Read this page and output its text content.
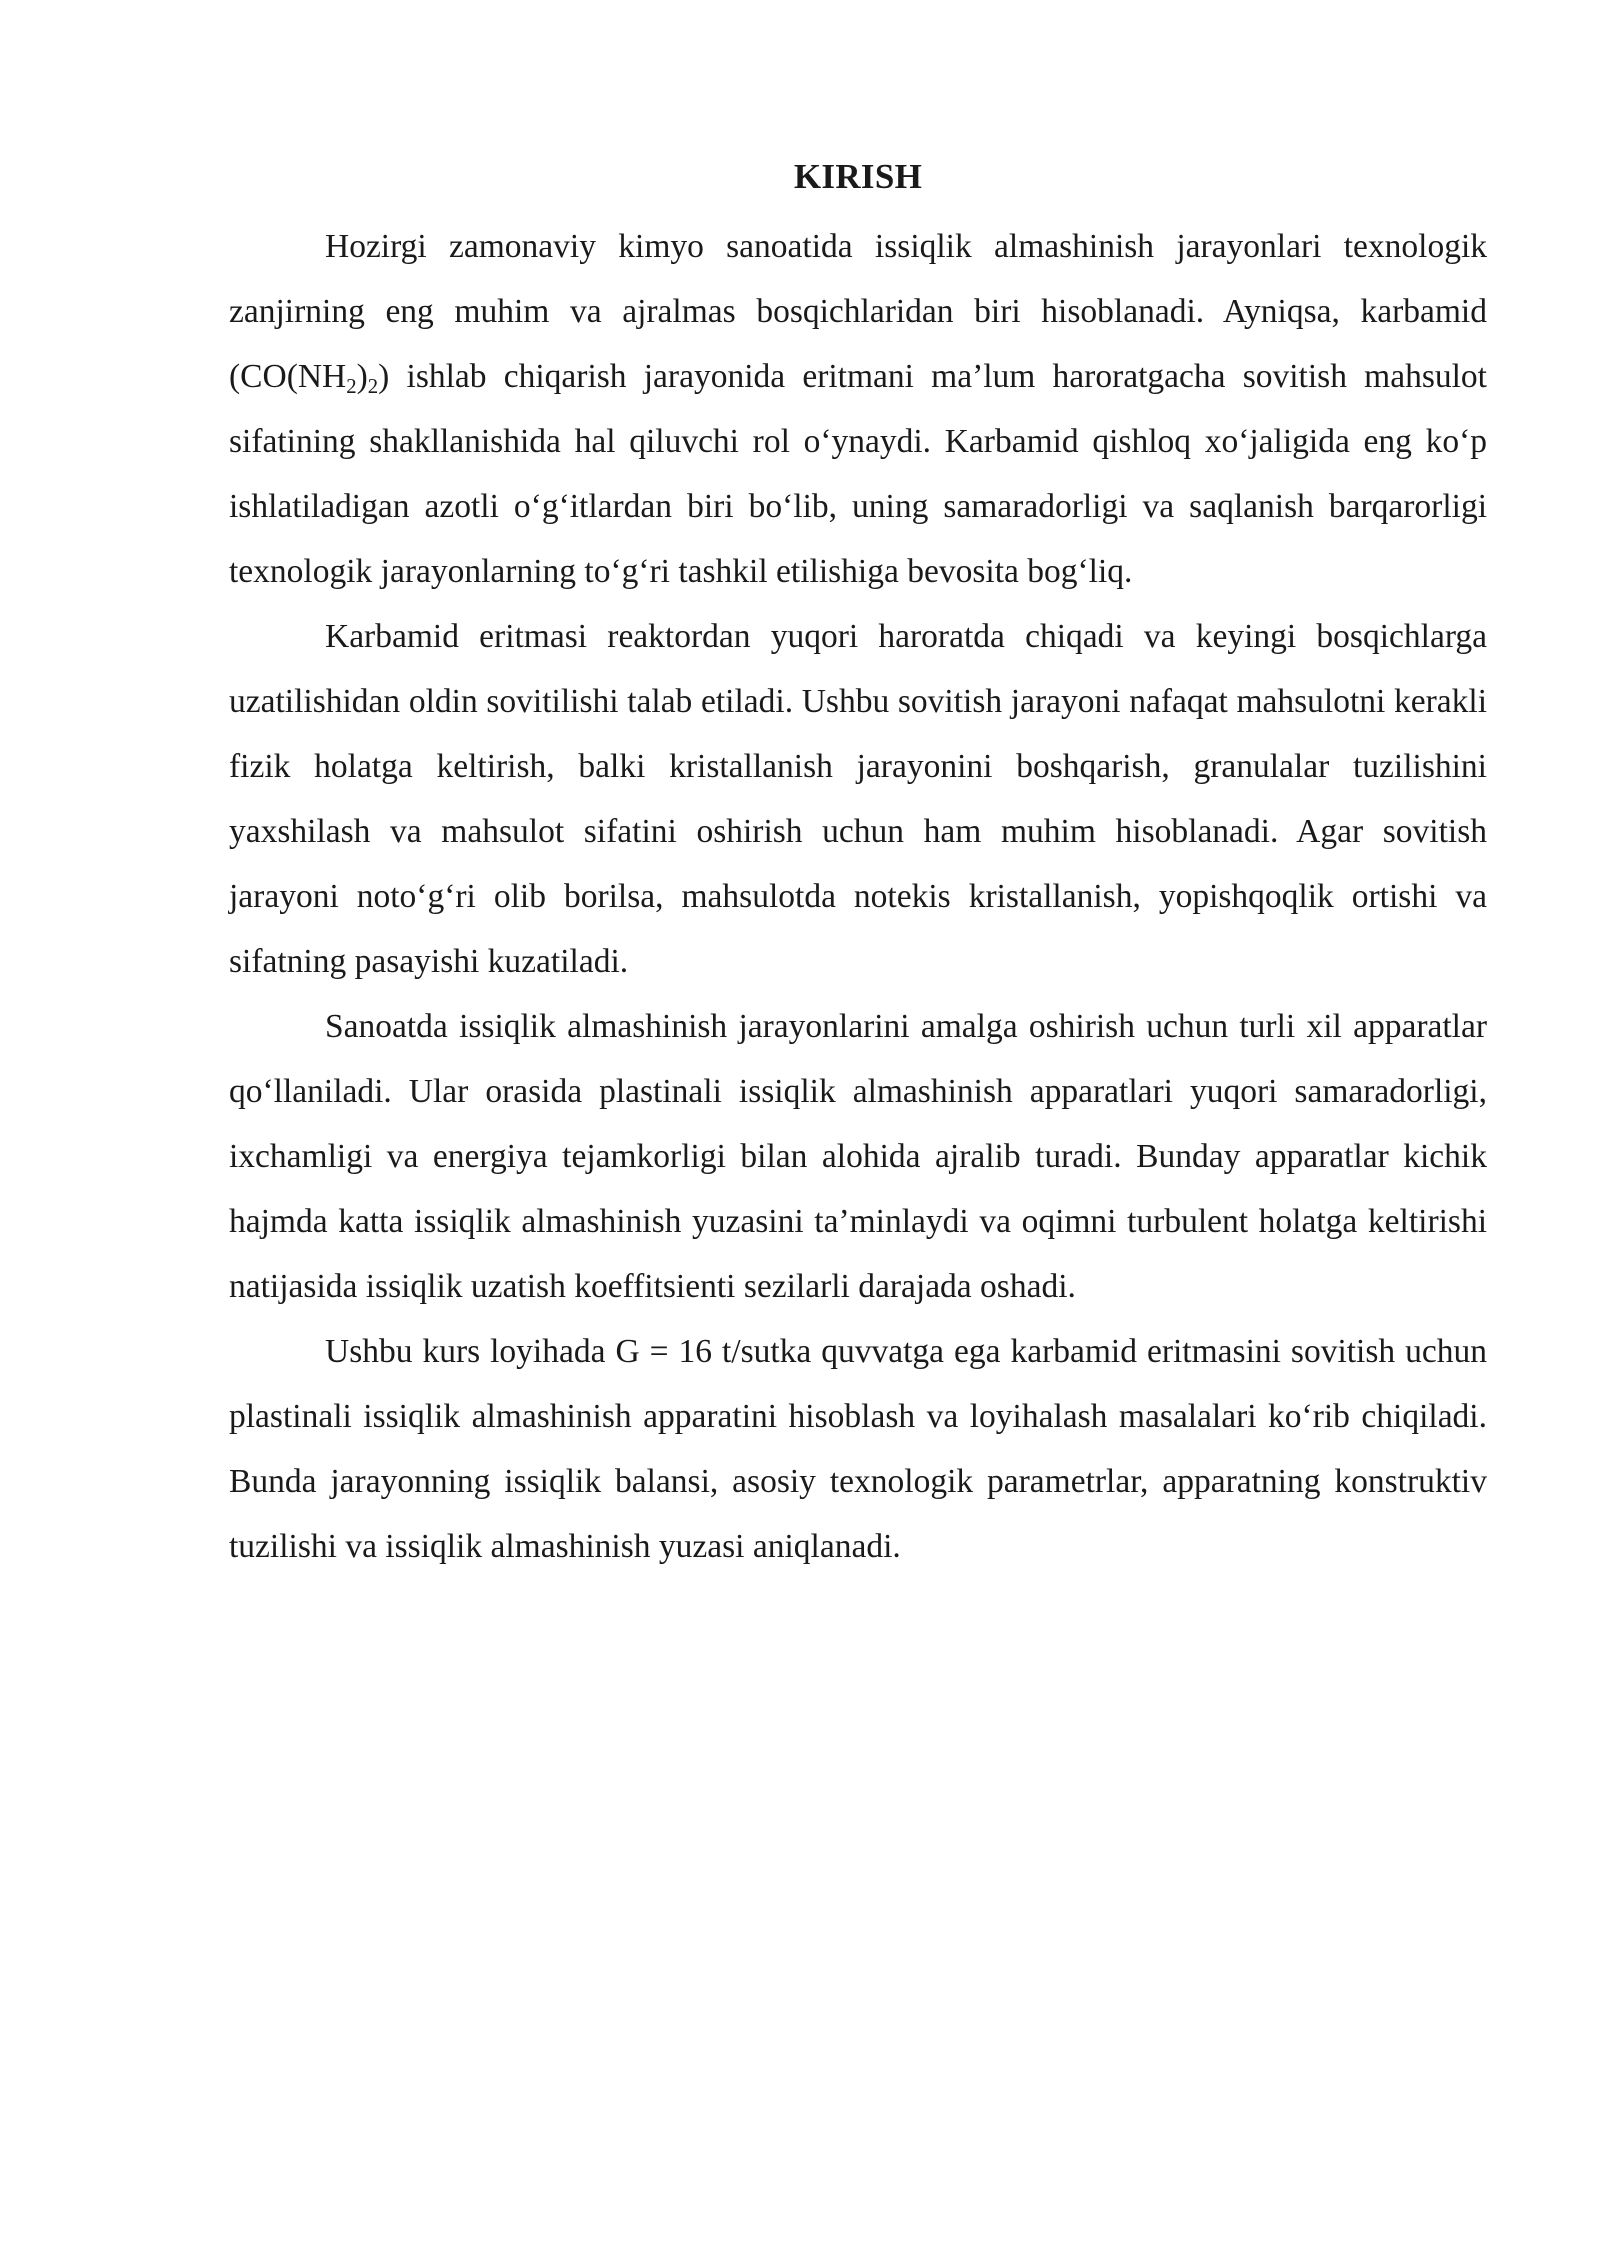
KIRISH

Hozirgi zamonaviy kimyo sanoatida issiqlik almashinish jarayonlari texnologik zanjirning eng muhim va ajralmas bosqichlaridan biri hisoblanadi. Ayniqsa, karbamid $(CO(NH_2)_2)$ ishlab chiqarish jarayonida eritmani ma’lum haroratgacha sovitish mahsulot sifatining shakllanishida hal qiluvchi rol o‘ynaydi. Karbamid qishloq xo‘jaligida eng ko‘p ishlatiladigan azotli o‘g‘itlardan biri bo‘lib, uning samaradorligi va saqlanish barqarorligi texnologik jarayonlarning to‘g‘ri tashkil etilishiga bevosita bog‘liq.

Karbamid eritmasi reaktordan yuqori haroratda chiqadi va keyingi bosqichlarga uzatilishidan oldin sovitilishi talab etiladi. Ushbu sovitish jarayoni nafaqat mahsulotni kerakli fizik holatga keltirish, balki kristallanish jarayonini boshqarish, granulalar tuzilishini yaxshilash va mahsulot sifatini oshirish uchun ham muhim hisoblanadi. Agar sovitish jarayoni noto‘g‘ri olib borilsa, mahsulotda notekis kristallanish, yopishqoqlik ortishi va sifatning pasayishi kuzatiladi.

Sanoatda issiqlik almashinish jarayonlarini amalga oshirish uchun turli xil apparatlar qo‘llaniladi. Ular orasida plastinali issiqlik almashinish apparatlari yuqori samaradorligi, ixchamligi va energiya tejamkorligi bilan alohida ajralib turadi. Bunday apparatlar kichik hajmda katta issiqlik almashinish yuzasini ta’minlaydi va oqimni turbulent holatga keltirishi natijasida issiqlik uzatish koeffitsienti sezilarli darajada oshadi.

Ushbu kurs loyihada G = 16 t/sutka quvvatga ega karbamid eritmasini sovitish uchun plastinali issiqlik almashinish apparatini hisoblash va loyihalash masalalari ko‘rib chiqiladi. Bunda jarayonning issiqlik balansi, asosiy texnologik parametrlar, apparatning konstruktiv tuzilishi va issiqlik almashinish yuzasi aniqlanadi.
